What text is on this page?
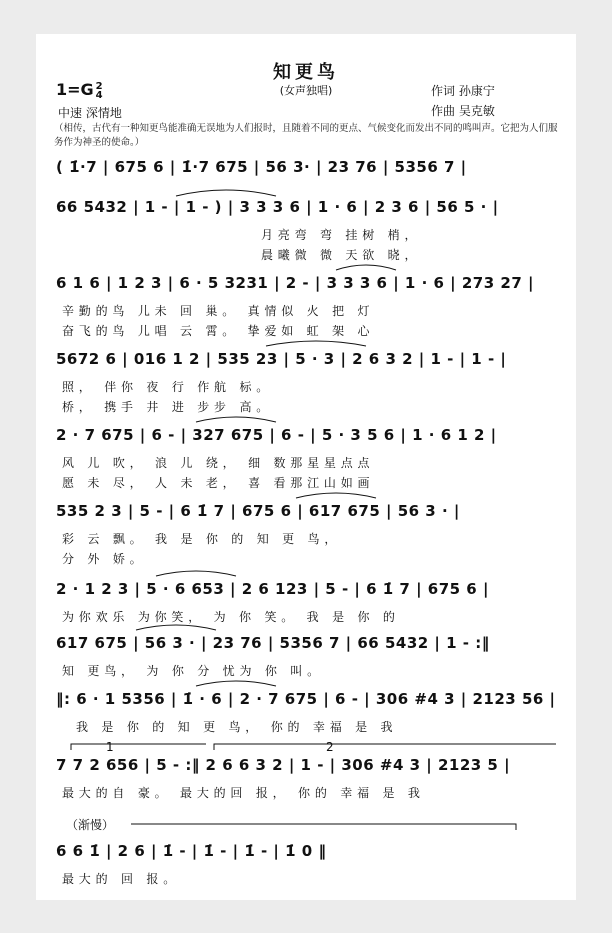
知更鸟
(女声独唱)
1=G 2
4
中速 深情地
作词 孙康宁
作曲 吴克敏
（相传，古代有一种知更鸟能准确无误地为人们报时，且随着不同的更点、气候变化而发出不同的鸣叫声。它把为人们服务作为神圣的使命。）
( 1̇·7 | 675 6 | 1̇·7 675 | 56 3· | 23 76 | 5356 7 |
66 5432 | 1 - | 1 - ) | 3 3 3 6 | 1 · 6 | 2 3 6 | 56 5 · |
月亮弯 弯 挂树 梢，
晨曦微 微 天欲 晓，
6 1 6 | 1 2 3 | 6 · 5 3231 | 2 - | 3 3 3 6 | 1 · 6 | 273 27 |
辛勤的鸟 儿未 回 巢。 真情似 火 把 灯
奋飞的鸟 儿唱 云 霄。 挚爱如 虹 架 心
5672 6 | 016 1 2 | 535 23 | 5 · 3 | 2 6 3 2 | 1 - | 1 - |
照， 伴你 夜 行 作航 标。
桥， 携手 井 进 步步 高。
2 · 7 675 | 6 - | 327 675 | 6 - | 5 · 3 5 6 | 1 · 6 1 2 |
风 儿 吹， 浪 儿 绕， 细 数那星星点点
愿 未 尽， 人 未 老， 喜 看那江山如画
535 2 3 | 5 - | 6 1̇ 7 | 675 6 | 617 675 | 56 3 · |
彩 云 飘。 我 是 你 的 知 更 鸟，
分 外 娇。
2 · 1 2 3 | 5 · 6 653 | 2 6 123 | 5 - | 6 1̇ 7 | 675 6 |
为你欢乐 为你笑， 为 你 笑。 我 是 你 的
617 675 | 56 3 · | 23 76 | 5356 7 | 66 5432 | 1 - :‖
知 更鸟， 为 你 分 忧为 你 叫。
‖: 6 · 1 5356 | 1̇ · 6 | 2 · 7 675 | 6 - | 306 #4 3 | 2123 56 |
我 是 你 的 知 更 鸟， 你的 幸福 是 我
1	2
7 7 2 656 | 5 - :‖ 2 6 6 3 2 | 1 - | 306 #4 3 | 2123 5 |
最大的自 豪。 最大的回 报， 你的 幸福 是 我
（渐慢）
6 6 1̇ | 2 6 | 1̇ - | 1̇ - | 1̇ - | 1̇ 0 ‖
最大的 回 报。
